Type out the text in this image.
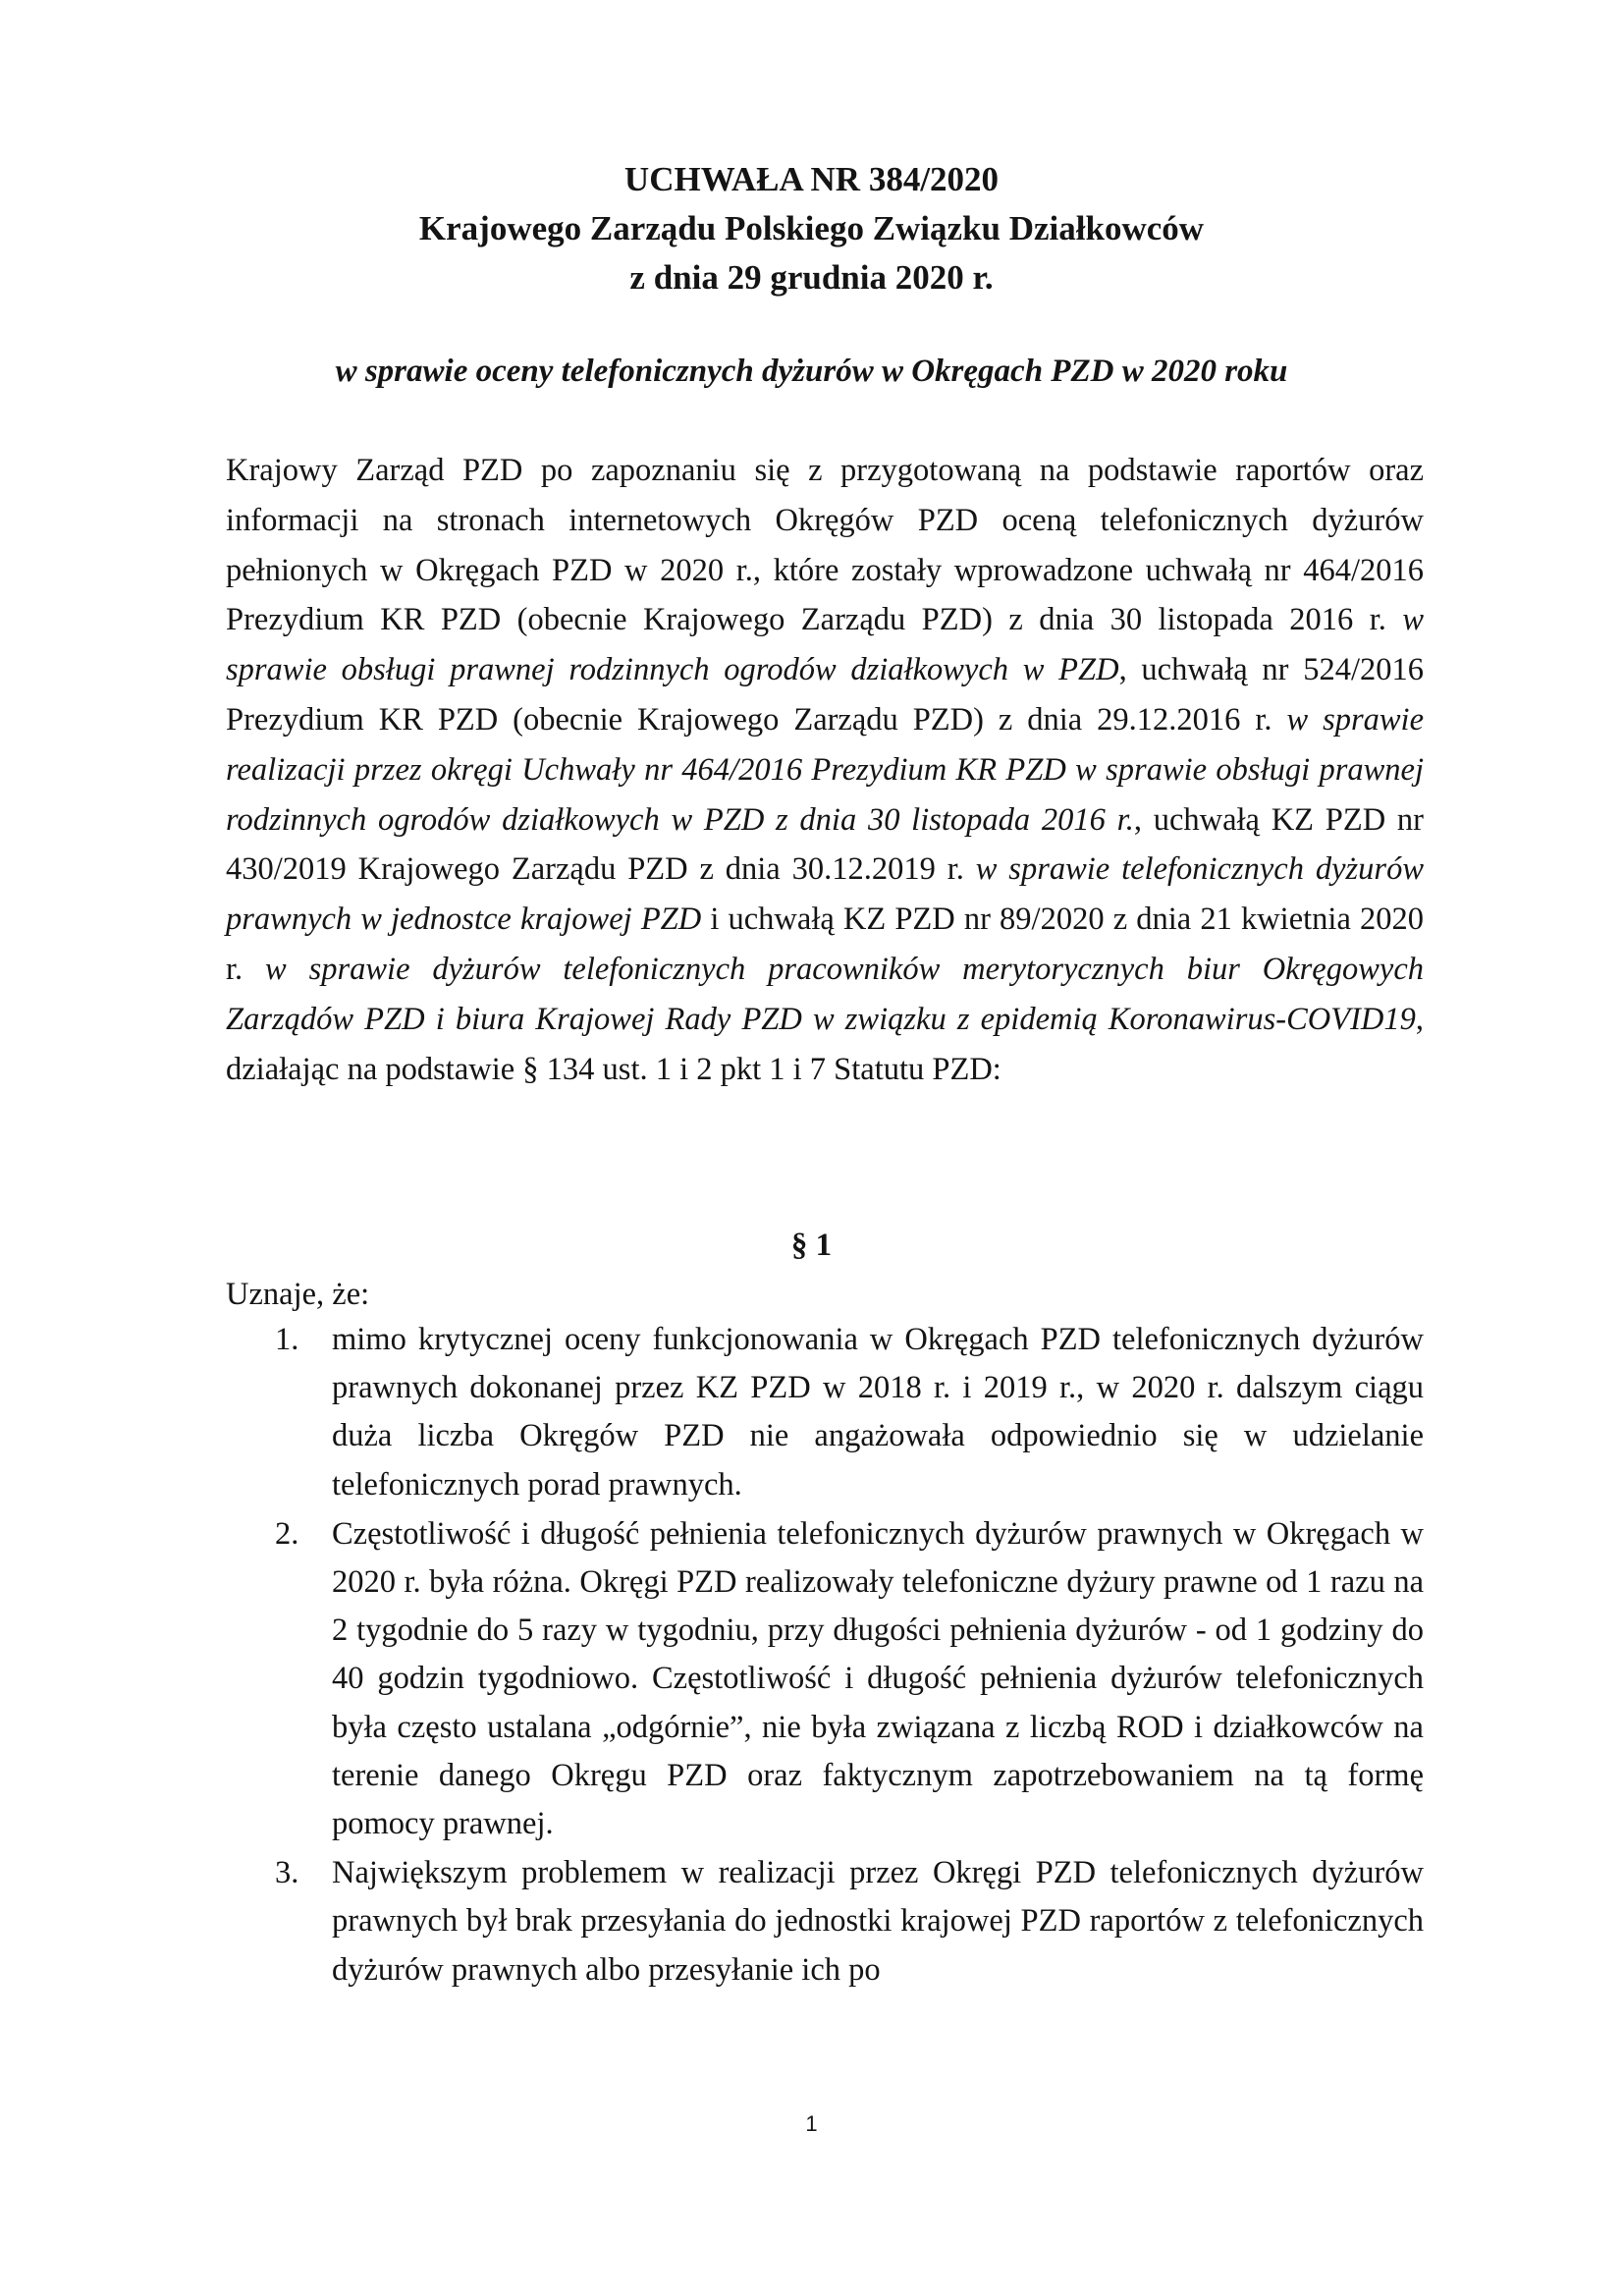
UCHWAŁA NR 384/2020
Krajowego Zarządu Polskiego Związku Działkowców
z dnia 29 grudnia 2020 r.
w sprawie oceny telefonicznych dyżurów w Okręgach PZD w 2020 roku
Krajowy Zarząd PZD po zapoznaniu się z przygotowaną na podstawie raportów oraz informacji na stronach internetowych Okręgów PZD oceną telefonicznych dyżurów pełnionych w Okręgach PZD w 2020 r., które zostały wprowadzone uchwałą nr 464/2016 Prezydium KR PZD (obecnie Krajowego Zarządu PZD) z dnia 30 listopada 2016 r. w sprawie obsługi prawnej rodzinnych ogrodów działkowych w PZD, uchwałą nr 524/2016 Prezydium KR PZD (obecnie Krajowego Zarządu PZD) z dnia 29.12.2016 r. w sprawie realizacji przez okręgi Uchwały nr 464/2016 Prezydium KR PZD w sprawie obsługi prawnej rodzinnych ogrodów działkowych w PZD z dnia 30 listopada 2016 r., uchwałą KZ PZD nr 430/2019 Krajowego Zarządu PZD z dnia 30.12.2019 r. w sprawie telefonicznych dyżurów prawnych w jednostce krajowej PZD i uchwałą KZ PZD nr 89/2020 z dnia 21 kwietnia 2020 r. w sprawie dyżurów telefonicznych pracowników merytorycznych biur Okręgowych Zarządów PZD i biura Krajowej Rady PZD w związku z epidemią Koronawirus-COVID19, działając na podstawie § 134 ust. 1 i 2 pkt 1 i 7 Statutu PZD:
§ 1
Uznaje, że:
1. mimo krytycznej oceny funkcjonowania w Okręgach PZD telefonicznych dyżurów prawnych dokonanej przez KZ PZD w 2018 r. i 2019 r., w 2020 r. dalszym ciągu duża liczba Okręgów PZD nie angażowała odpowiednio się w udzielanie telefonicznych porad prawnych.
2. Częstotliwość i długość pełnienia telefonicznych dyżurów prawnych w Okręgach w 2020 r. była różna. Okręgi PZD realizowały telefoniczne dyżury prawne od 1 razu na 2 tygodnie do 5 razy w tygodniu, przy długości pełnienia dyżurów - od 1 godziny do 40 godzin tygodniowo. Częstotliwość i długość pełnienia dyżurów telefonicznych była często ustalana „odgórnie”, nie była związana z liczbą ROD i działkowców na terenie danego Okręgu PZD oraz faktycznym zapotrzebowaniem na tą formę pomocy prawnej.
3. Największym problemem w realizacji przez Okręgi PZD telefonicznych dyżurów prawnych był brak przesyłania do jednostki krajowej PZD raportów z telefonicznych dyżurów prawnych albo przesyłanie ich po
1
